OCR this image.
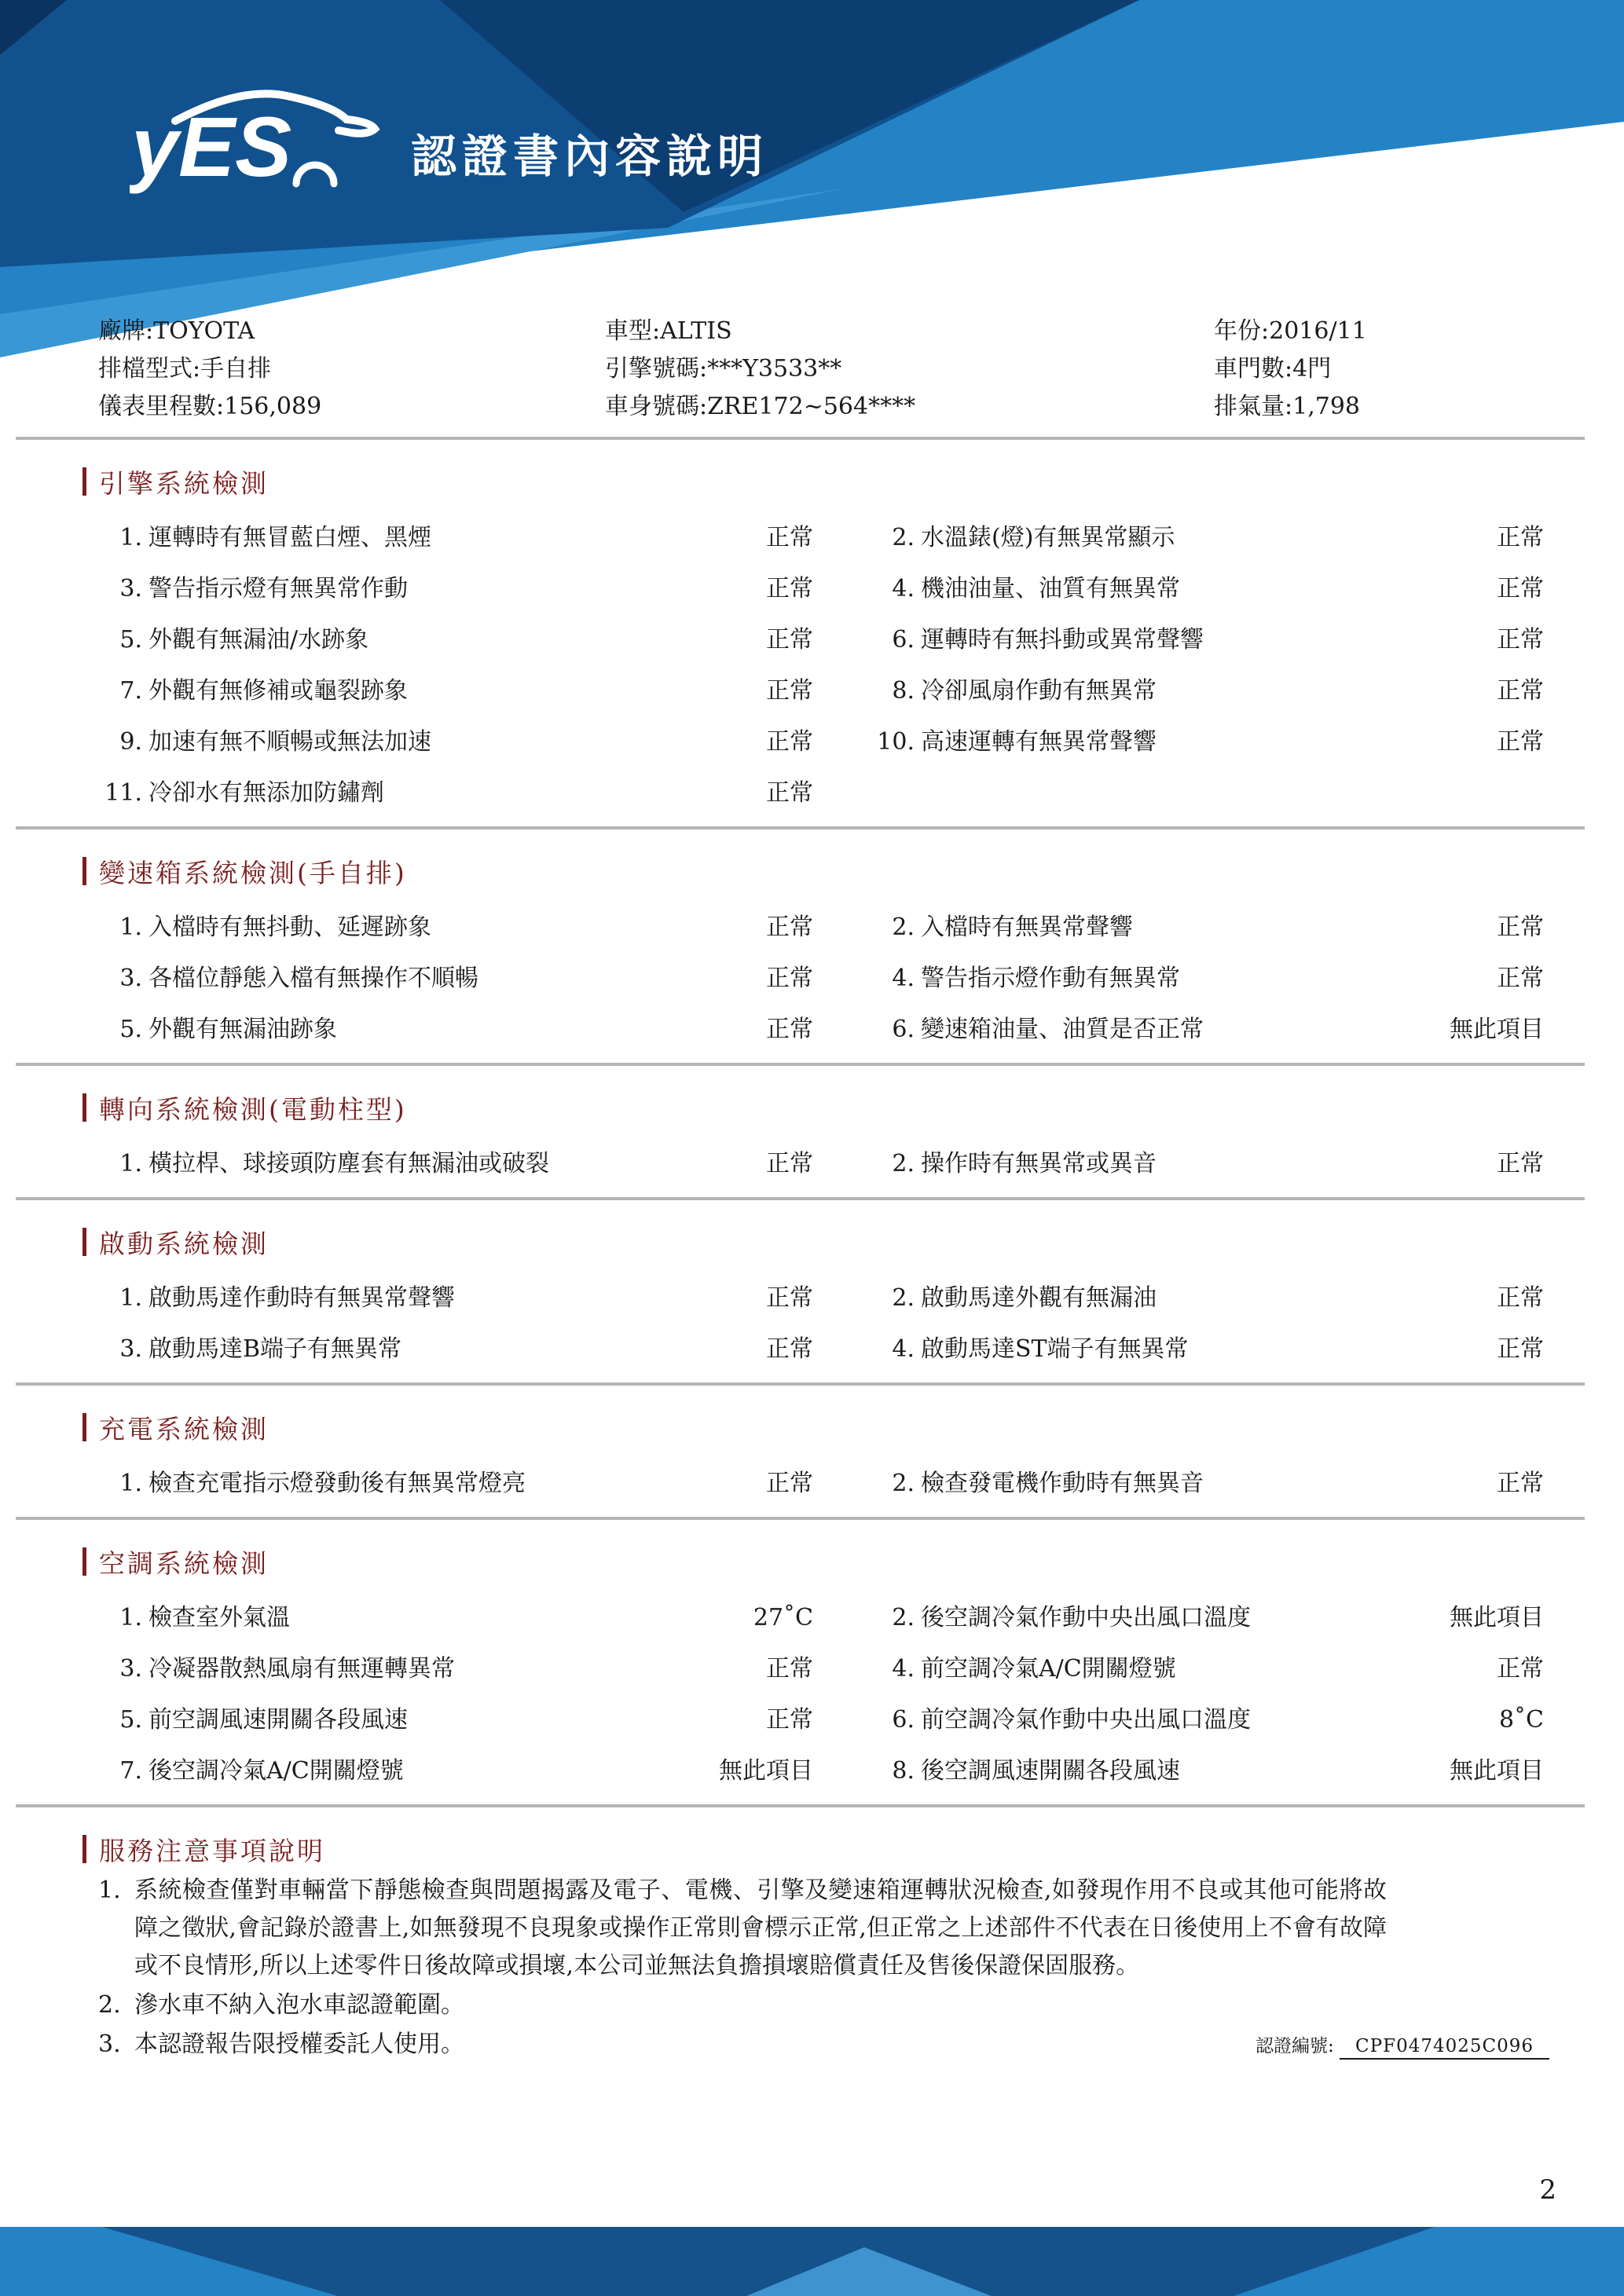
yES	認證書內容說明
廠牌:TOYOTA
排檔型式:手自排
儀表里程數:156,089
車型:ALTIS
引擎號碼:***Y3533**
車身號碼:ZRE172~564****
年份:2016/11
車門數:4門
排氣量:1,798
引擎系統檢測
1. 運轉時有無冒藍白煙、黑煙	正常	2. 水溫錶(燈)有無異常顯示	正常
3. 警告指示燈有無異常作動	正常	4. 機油油量、油質有無異常	正常
5. 外觀有無漏油/水跡象	正常	6. 運轉時有無抖動或異常聲響	正常
7. 外觀有無修補或龜裂跡象	正常	8. 冷卻風扇作動有無異常	正常
9. 加速有無不順暢或無法加速	正常	10. 高速運轉有無異常聲響	正常
11. 冷卻水有無添加防鏽劑	正常
變速箱系統檢測(手自排)
1. 入檔時有無抖動、延遲跡象	正常	2. 入檔時有無異常聲響	正常
3. 各檔位靜態入檔有無操作不順暢	正常	4. 警告指示燈作動有無異常	正常
5. 外觀有無漏油跡象	正常	6. 變速箱油量、油質是否正常	無此項目
轉向系統檢測(電動柱型)
1. 橫拉桿、球接頭防塵套有無漏油或破裂	正常	2. 操作時有無異常或異音	正常
啟動系統檢測
1. 啟動馬達作動時有無異常聲響	正常	2. 啟動馬達外觀有無漏油	正常
3. 啟動馬達B端子有無異常	正常	4. 啟動馬達ST端子有無異常	正常
充電系統檢測
1. 檢查充電指示燈發動後有無異常燈亮	正常	2. 檢查發電機作動時有無異音	正常
空調系統檢測
1. 檢查室外氣溫	27˚C	2. 後空調冷氣作動中央出風口溫度	無此項目
3. 冷凝器散熱風扇有無運轉異常	正常	4. 前空調冷氣A/C開關燈號	正常
5. 前空調風速開關各段風速	正常	6. 前空調冷氣作動中央出風口溫度	8˚C
7. 後空調冷氣A/C開關燈號	無此項目	8. 後空調風速開關各段風速	無此項目
服務注意事項說明
1. 系統檢查僅對車輛當下靜態檢查與問題揭露及電子、電機、引擎及變速箱運轉狀況檢查,如發現作用不良或其他可能將故障之徵狀,會記錄於證書上,如無發現不良現象或操作正常則會標示正常,但正常之上述部件不代表在日後使用上不會有故障或不良情形,所以上述零件日後故障或損壞,本公司並無法負擔損壞賠償責任及售後保證保固服務。
2. 滲水車不納入泡水車認證範圍。
3. 本認證報告限授權委託人使用。	認證編號: CPF0474025C096
2
